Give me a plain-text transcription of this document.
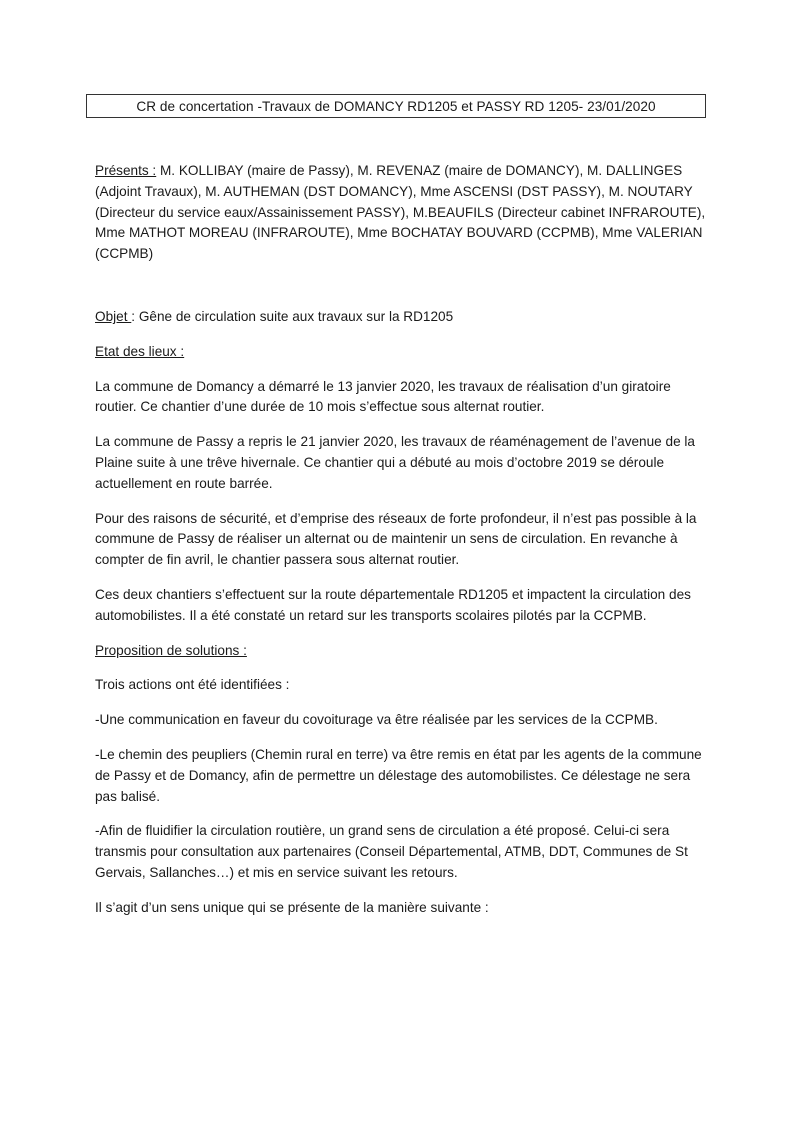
CR de concertation -Travaux de DOMANCY RD1205 et PASSY RD 1205- 23/01/2020

Présents : M. KOLLIBAY (maire de Passy), M. REVENAZ (maire de DOMANCY), M. DALLINGES (Adjoint Travaux), M. AUTHEMAN (DST DOMANCY), Mme ASCENSI (DST PASSY), M. NOUTARY (Directeur du service eaux/Assainissement PASSY), M.BEAUFILS (Directeur cabinet INFRAROUTE), Mme MATHOT MOREAU (INFRAROUTE), Mme BOCHATAY BOUVARD (CCPMB), Mme VALERIAN (CCPMB)

Objet : Gêne de circulation suite aux travaux sur la RD1205

Etat des lieux :

La commune de Domancy a démarré le 13 janvier 2020, les travaux de réalisation d’un giratoire routier. Ce chantier d’une durée de 10 mois s’effectue sous alternat routier.

La commune de Passy a repris le 21 janvier 2020, les travaux de réaménagement de l’avenue de la Plaine suite à une trêve hivernale. Ce chantier qui a débuté au mois d’octobre 2019 se déroule actuellement en route barrée.

Pour des raisons de sécurité, et d’emprise des réseaux de forte profondeur, il n’est pas possible à la commune de Passy de réaliser un alternat ou de maintenir un sens de circulation. En revanche à compter de fin avril, le chantier passera sous alternat routier.

Ces deux chantiers s’effectuent sur la route départementale RD1205 et impactent la circulation des automobilistes. Il a été constaté un retard sur les transports scolaires pilotés par la CCPMB.

Proposition de solutions :

Trois actions ont été identifiées :

-Une communication en faveur du covoiturage va être réalisée par les services de la CCPMB.

-Le chemin des peupliers (Chemin rural en terre) va être remis en état par les agents de la commune de Passy et de Domancy, afin de permettre un délestage des automobilistes. Ce délestage ne sera pas balisé.

-Afin de fluidifier la circulation routière, un grand sens de circulation a été proposé. Celui-ci sera transmis pour consultation aux partenaires (Conseil Départemental, ATMB, DDT, Communes de St Gervais, Sallanches…) et mis en service suivant les retours.

Il s’agit d’un sens unique qui se présente de la manière suivante :
